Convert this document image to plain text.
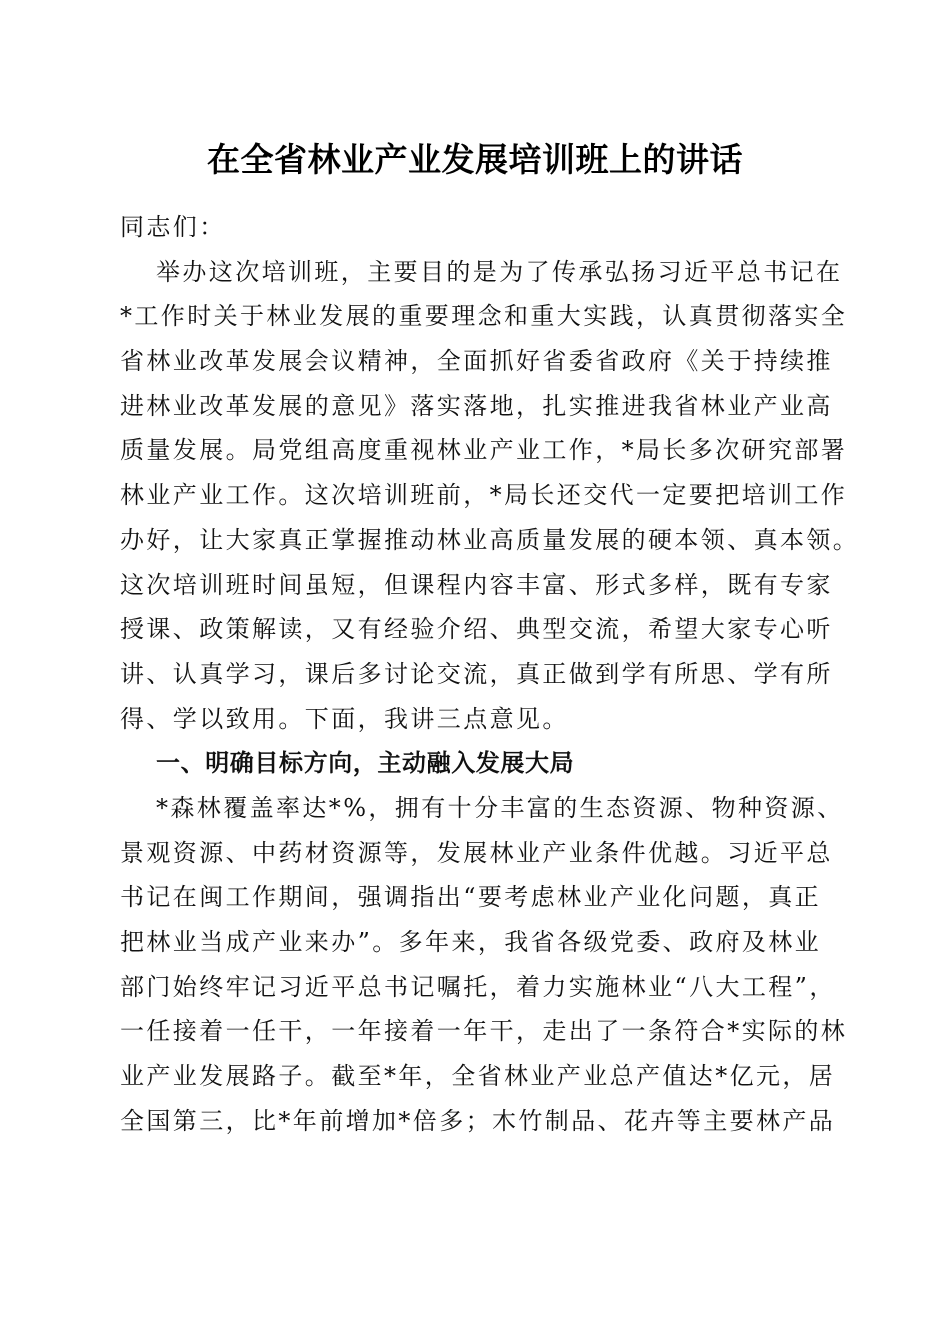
在全省林业产业发展培训班上的讲话
同志们：
举办这次培训班，主要目的是为了传承弘扬习近平总书记在
*工作时关于林业发展的重要理念和重大实践，认真贯彻落实全
省林业改革发展会议精神，全面抓好省委省政府《关于持续推
进林业改革发展的意见》落实落地，扎实推进我省林业产业高
质量发展。局党组高度重视林业产业工作，*局长多次研究部署
林业产业工作。这次培训班前，*局长还交代一定要把培训工作
办好，让大家真正掌握推动林业高质量发展的硬本领、真本领。
这次培训班时间虽短，但课程内容丰富、形式多样，既有专家
授课、政策解读，又有经验介绍、典型交流，希望大家专心听
讲、认真学习，课后多讨论交流，真正做到学有所思、学有所
得、学以致用。下面，我讲三点意见。
一、明确目标方向，主动融入发展大局
*森林覆盖率达*%，拥有十分丰富的生态资源、物种资源、
景观资源、中药材资源等，发展林业产业条件优越。习近平总
书记在闽工作期间，强调指出“要考虑林业产业化问题，真正
把林业当成产业来办”。多年来，我省各级党委、政府及林业
部门始终牢记习近平总书记嘱托，着力实施林业“八大工程”，
一任接着一任干，一年接着一年干，走出了一条符合*实际的林
业产业发展路子。截至*年，全省林业产业总产值达*亿元，居
全国第三，比*年前增加*倍多；木竹制品、花卉等主要林产品
